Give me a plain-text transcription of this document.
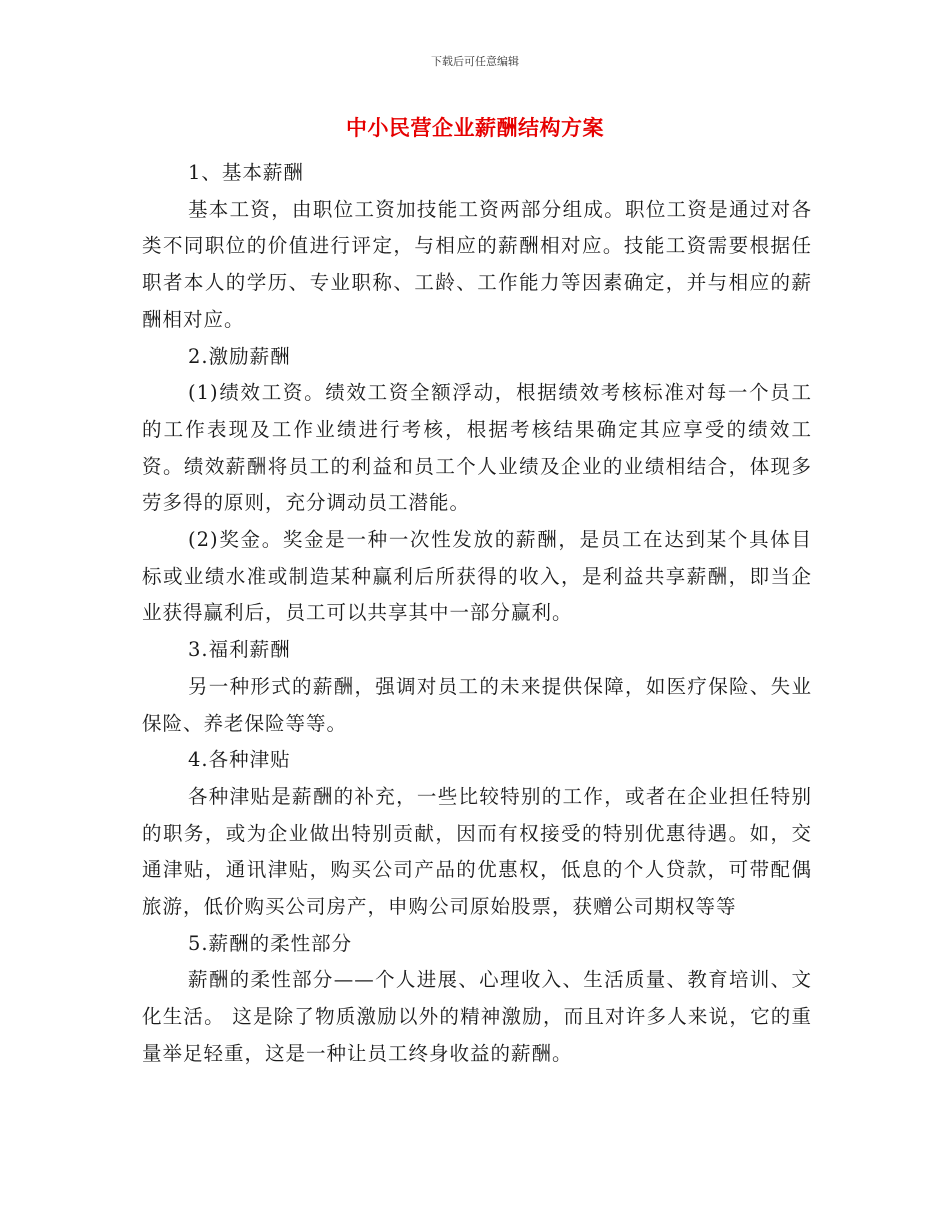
下载后可任意编辑
中小民营企业薪酬结构方案

1、基本薪酬

基本工资，由职位工资加技能工资两部分组成。职位工资是通过对各类不同职位的价值进行评定，与相应的薪酬相对应。技能工资需要根据任职者本人的学历、专业职称、工龄、工作能力等因素确定，并与相应的薪酬相对应。

2.激励薪酬

(1)绩效工资。绩效工资全额浮动，根据绩效考核标准对每一个员工的工作表现及工作业绩进行考核，根据考核结果确定其应享受的绩效工资。绩效薪酬将员工的利益和员工个人业绩及企业的业绩相结合，体现多劳多得的原则，充分调动员工潜能。

(2)奖金。奖金是一种一次性发放的薪酬，是员工在达到某个具体目标或业绩水准或制造某种赢利后所获得的收入，是利益共享薪酬，即当企业获得赢利后，员工可以共享其中一部分赢利。

3.福利薪酬

另一种形式的薪酬，强调对员工的未来提供保障，如医疗保险、失业保险、养老保险等等。

4.各种津贴

各种津贴是薪酬的补充，一些比较特别的工作，或者在企业担任特别的职务，或为企业做出特别贡献，因而有权接受的特别优惠待遇。如，交通津贴，通讯津贴，购买公司产品的优惠权，低息的个人贷款，可带配偶旅游，低价购买公司房产，申购公司原始股票，获赠公司期权等等

5.薪酬的柔性部分

薪酬的柔性部分——个人进展、心理收入、生活质量、教育培训、文化生活。 这是除了物质激励以外的精神激励，而且对许多人来说，它的重量举足轻重，这是一种让员工终身收益的薪酬。
